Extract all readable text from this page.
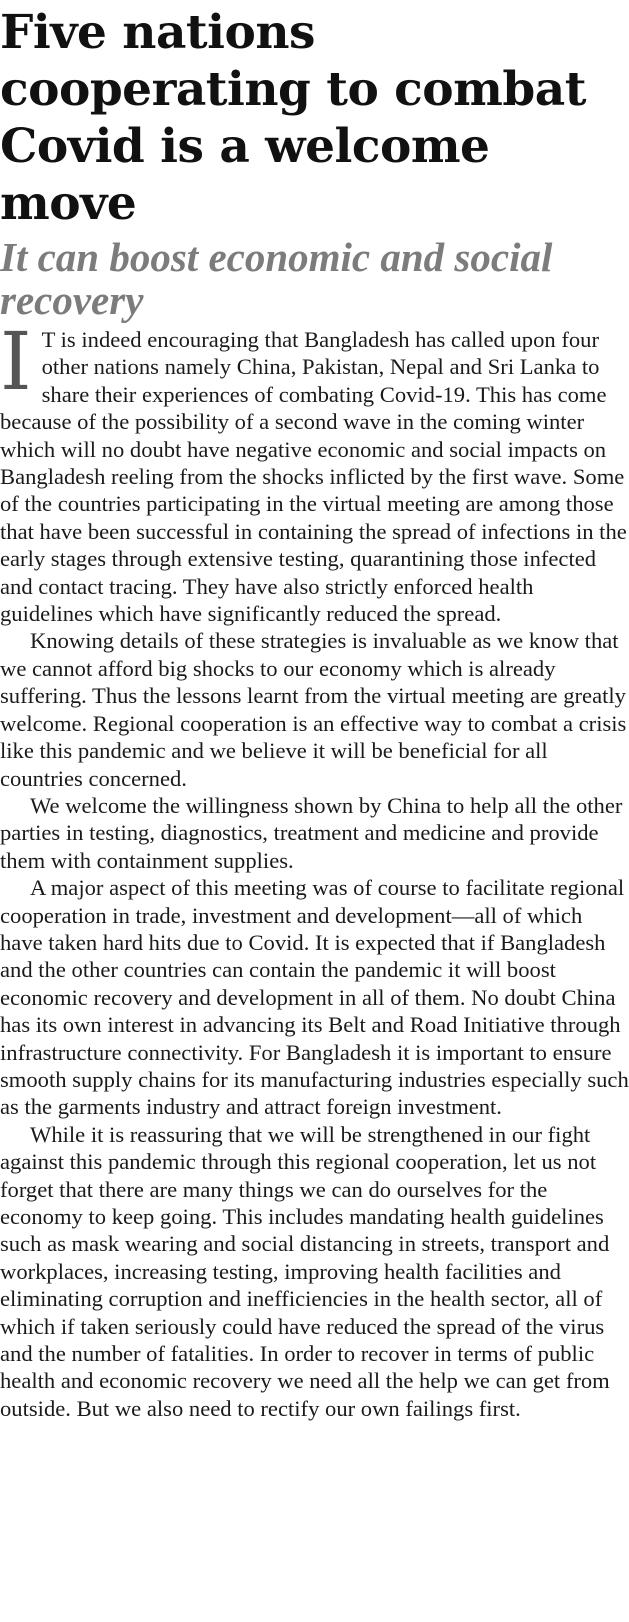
Five nations cooperating to combat Covid is a welcome move
It can boost economic and social recovery

I T is indeed encouraging that Bangladesh has called upon four other nations namely China, Pakistan, Nepal and Sri Lanka to share their experiences of combating Covid-19. This has come because of the possibility of a second wave in the coming winter which will no doubt have negative economic and social impacts on Bangladesh reeling from the shocks inflicted by the first wave. Some of the countries participating in the virtual meeting are among those that have been successful in containing the spread of infections in the early stages through extensive testing, quarantining those infected and contact tracing. They have also strictly enforced health guidelines which have significantly reduced the spread.

Knowing details of these strategies is invaluable as we know that we cannot afford big shocks to our economy which is already suffering. Thus the lessons learnt from the virtual meeting are greatly welcome. Regional cooperation is an effective way to combat a crisis like this pandemic and we believe it will be beneficial for all countries concerned.

We welcome the willingness shown by China to help all the other parties in testing, diagnostics, treatment and medicine and provide them with containment supplies.

A major aspect of this meeting was of course to facilitate regional cooperation in trade, investment and development—all of which have taken hard hits due to Covid. It is expected that if Bangladesh and the other countries can contain the pandemic it will boost economic recovery and development in all of them. No doubt China has its own interest in advancing its Belt and Road Initiative through infrastructure connectivity. For Bangladesh it is important to ensure smooth supply chains for its manufacturing industries especially such as the garments industry and attract foreign investment.

While it is reassuring that we will be strengthened in our fight against this pandemic through this regional cooperation, let us not forget that there are many things we can do ourselves for the economy to keep going. This includes mandating health guidelines such as mask wearing and social distancing in streets, transport and workplaces, increasing testing, improving health facilities and eliminating corruption and inefficiencies in the health sector, all of which if taken seriously could have reduced the spread of the virus and the number of fatalities. In order to recover in terms of public health and economic recovery we need all the help we can get from outside. But we also need to rectify our own failings first.
